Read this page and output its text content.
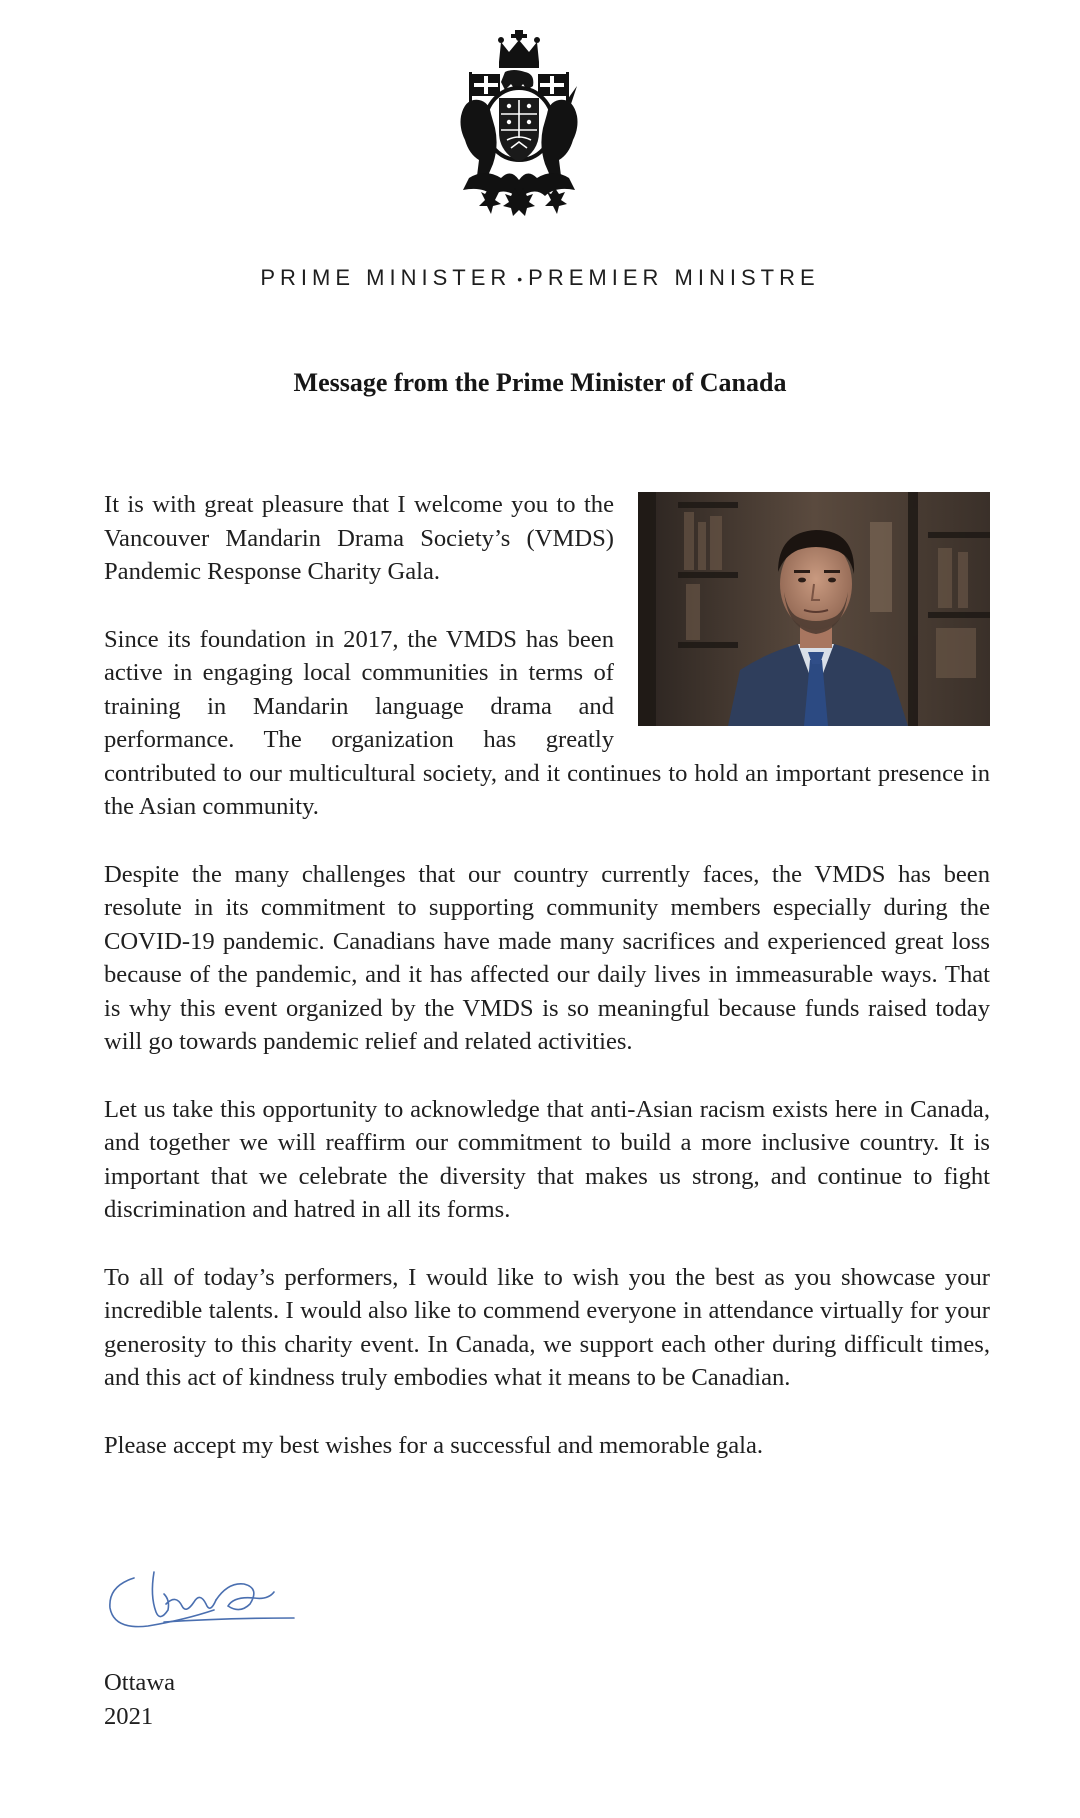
PRIME MINISTER • PREMIER MINISTRE
Message from the Prime Minister of Canada

It is with great pleasure that I welcome you to the Vancouver Mandarin Drama Society’s (VMDS) Pandemic Response Charity Gala.

Since its foundation in 2017, the VMDS has been active in engaging local communities in terms of training in Mandarin language drama and performance. The organization has greatly contributed to our multicultural society, and it continues to hold an important presence in the Asian community.

Despite the many challenges that our country currently faces, the VMDS has been resolute in its commitment to supporting community members especially during the COVID-19 pandemic. Canadians have made many sacrifices and experienced great loss because of the pandemic, and it has affected our daily lives in immeasurable ways. That is why this event organized by the VMDS is so meaningful because funds raised today will go towards pandemic relief and related activities.

Let us take this opportunity to acknowledge that anti-Asian racism exists here in Canada, and together we will reaffirm our commitment to build a more inclusive country. It is important that we celebrate the diversity that makes us strong, and continue to fight discrimination and hatred in all its forms.

To all of today’s performers, I would like to wish you the best as you showcase your incredible talents. I would also like to commend everyone in attendance virtually for your generosity to this charity event. In Canada, we support each other during difficult times, and this act of kindness truly embodies what it means to be Canadian.

Please accept my best wishes for a successful and memorable gala.

Ottawa
2021
